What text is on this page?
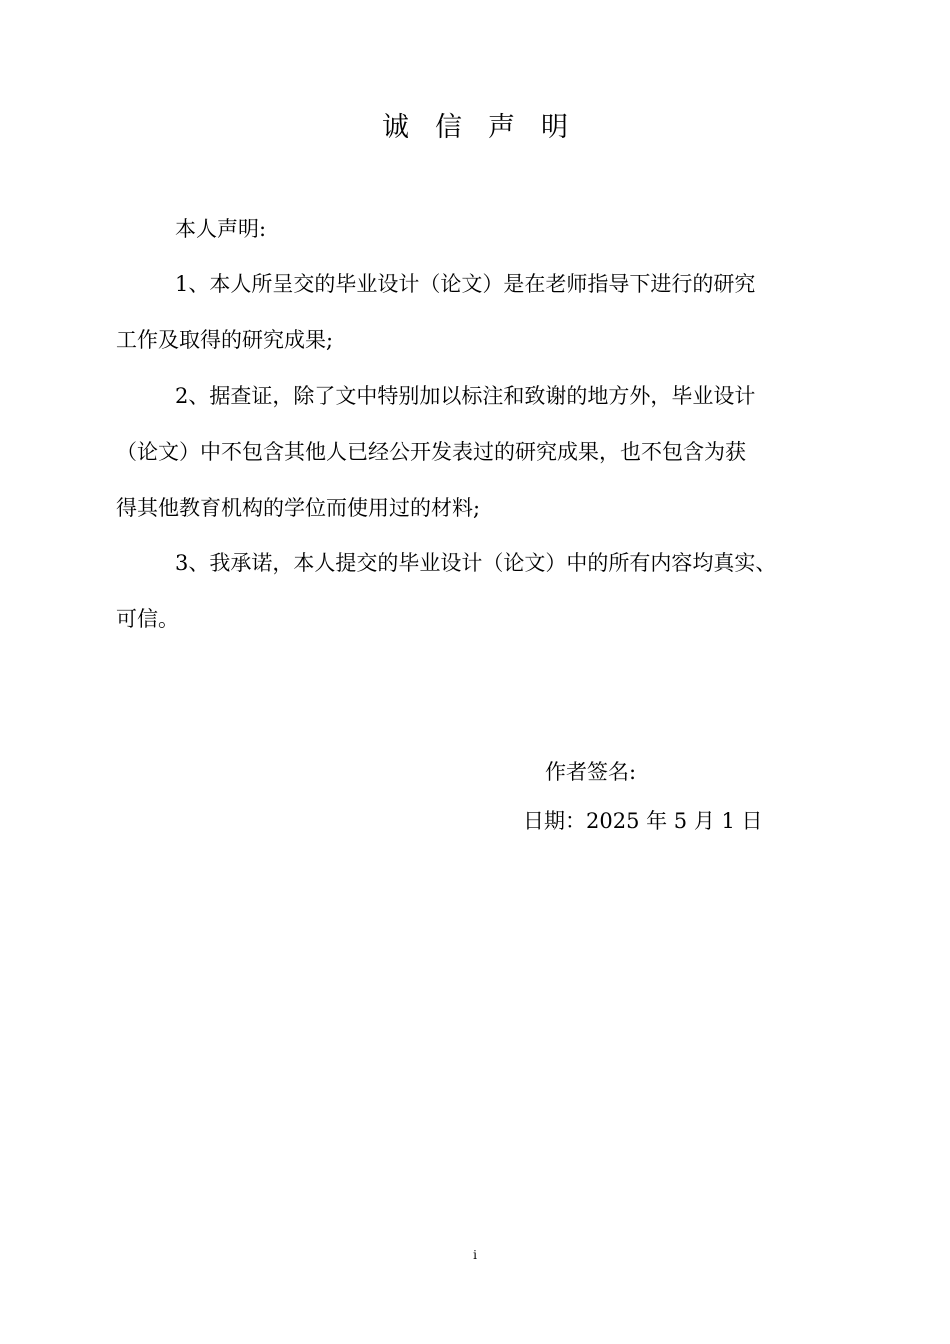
诚信声明

本人声明:

1、本人所呈交的毕业设计（论文）是在老师指导下进行的研究

工作及取得的研究成果;

2、据查证，除了文中特别加以标注和致谢的地方外，毕业设计

（论文）中不包含其他人已经公开发表过的研究成果，也不包含为获

得其他教育机构的学位而使用过的材料;

3、我承诺，本人提交的毕业设计（论文）中的所有内容均真实、

可信。

作者签名:
日期：2025 年 5 月 1 日
i
